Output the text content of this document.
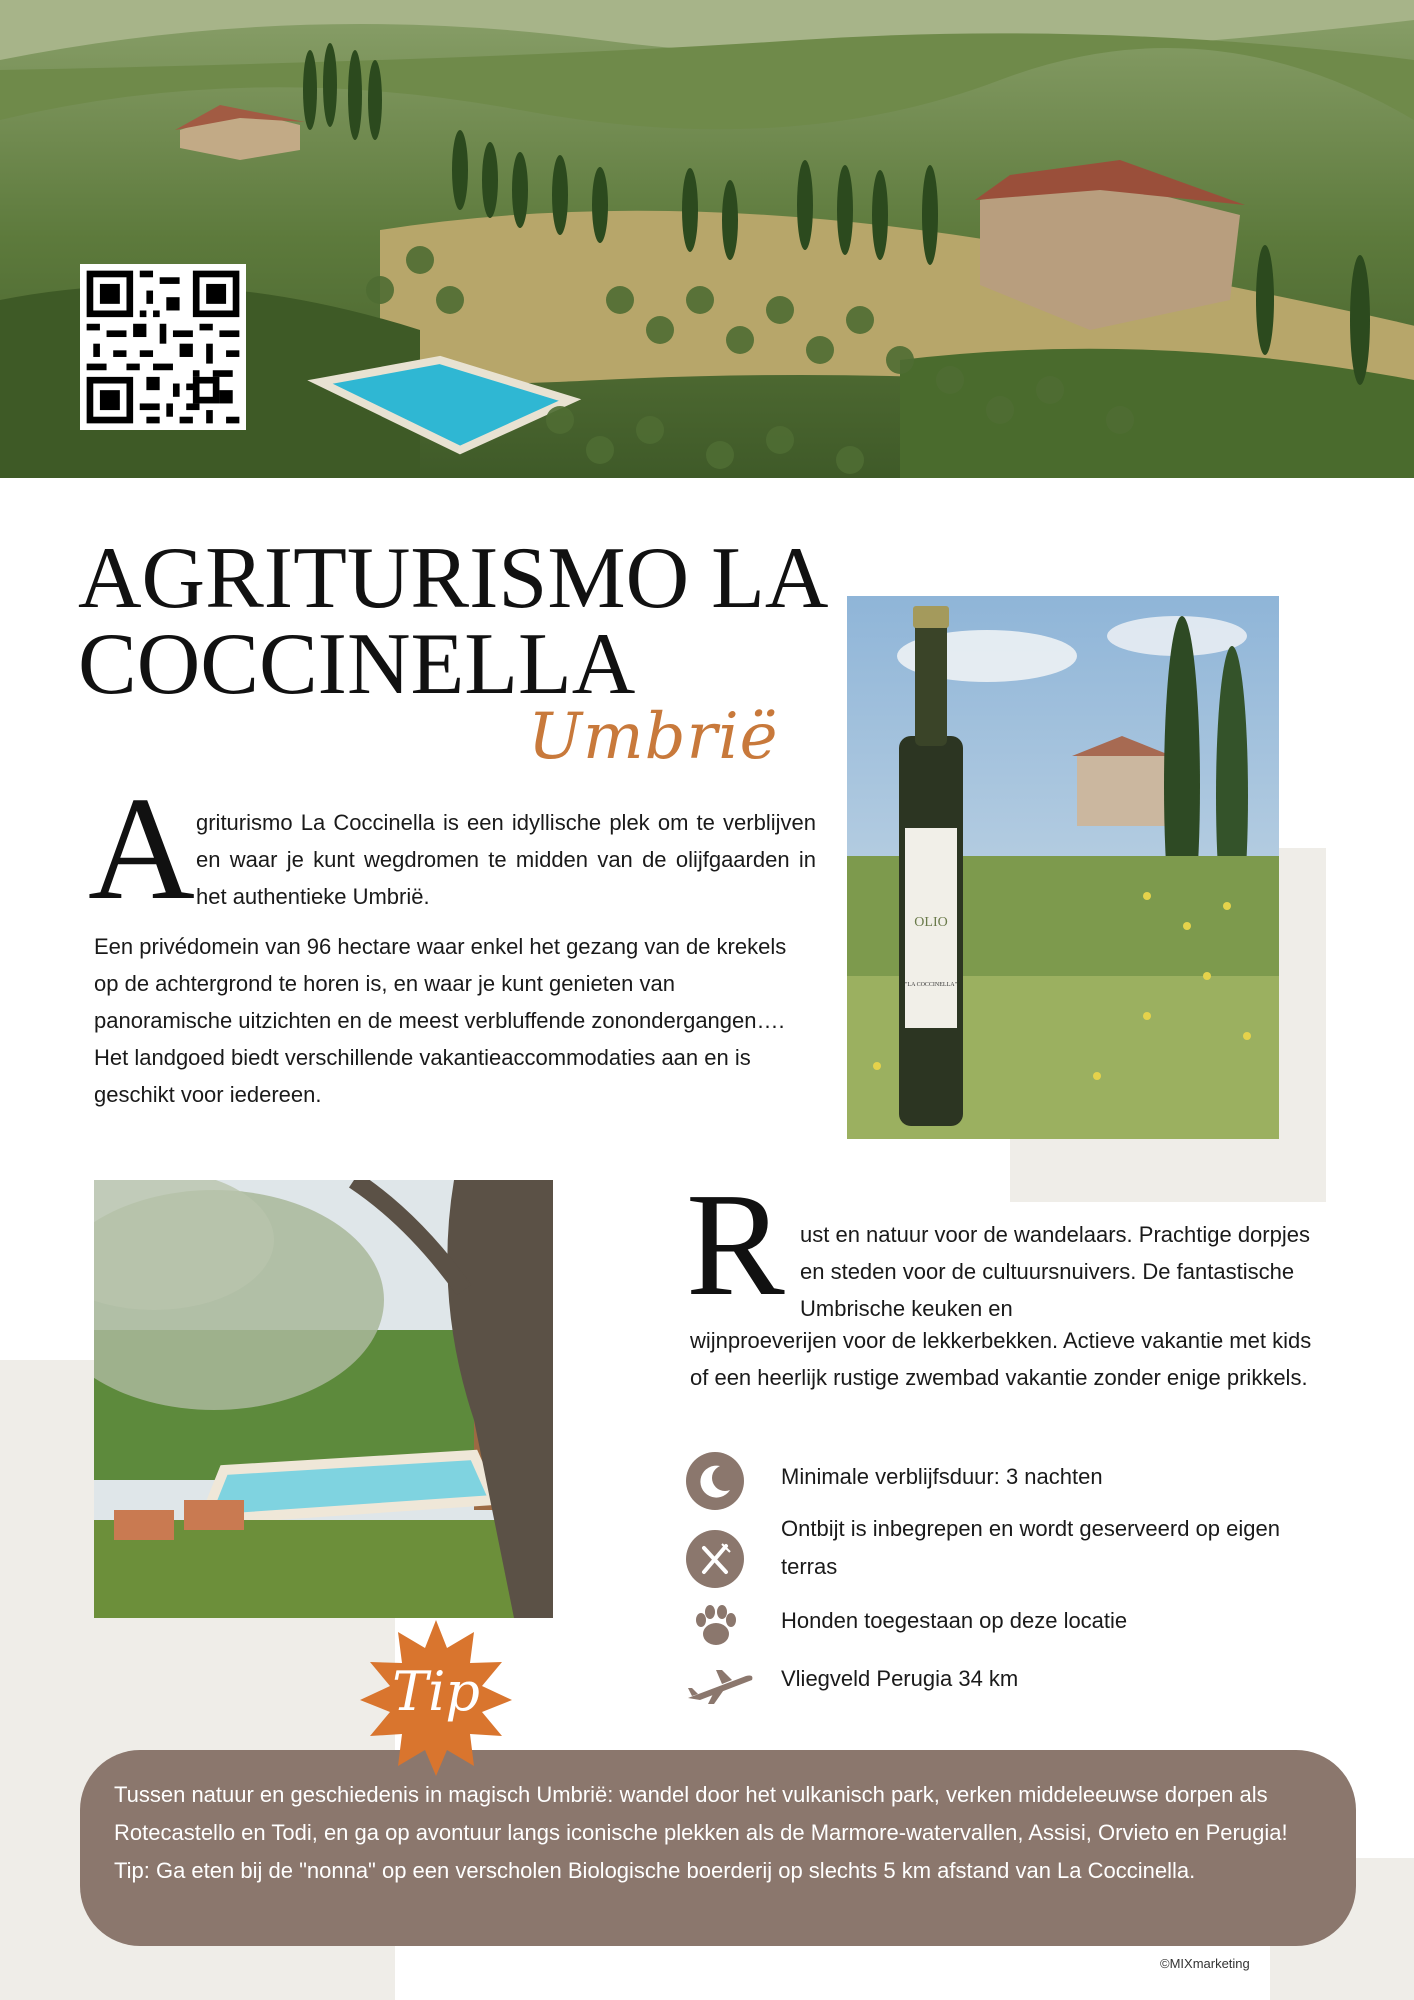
AGRITURISMO LA COCCINELLA
Umbrië
A griturismo La Coccinella is een idyllische plek om te verblijven en waar je kunt wegdromen te midden van de olijfgaarden in het authentieke Umbrië.
Een privédomein van 96 hectare waar enkel het gezang van de krekels op de achtergrond te horen is, en waar je kunt genieten van panoramische uitzichten en de meest verbluffende zonondergangen…. Het landgoed biedt verschillende vakantieaccommodaties aan en is geschikt voor iedereen.
OLIO
"LA COCCINELLA"
R ust en natuur voor de wandelaars. Prachtige dorpjes en steden voor de cultuursnuivers. De fantastische Umbrische keuken en
wijnproeverijen voor de lekkerbekken. Actieve vakantie met kids of een heerlijk rustige zwembad vakantie zonder enige prikkels.
Minimale verblijfsduur: 3 nachten
Ontbijt is inbegrepen en wordt geserveerd op eigen terras
Honden toegestaan op deze locatie
Vliegveld Perugia 34 km
Tussen natuur en geschiedenis in magisch Umbrië: wandel door het vulkanisch park, verken middeleeuwse dorpen als Rotecastello en Todi, en ga op avontuur langs iconische plekken als de Marmore-watervallen, Assisi, Orvieto en Perugia! Tip: Ga eten bij de "nonna" op een verscholen Biologische boerderij op slechts 5 km afstand van La Coccinella.
Tip
©MIXmarketing
